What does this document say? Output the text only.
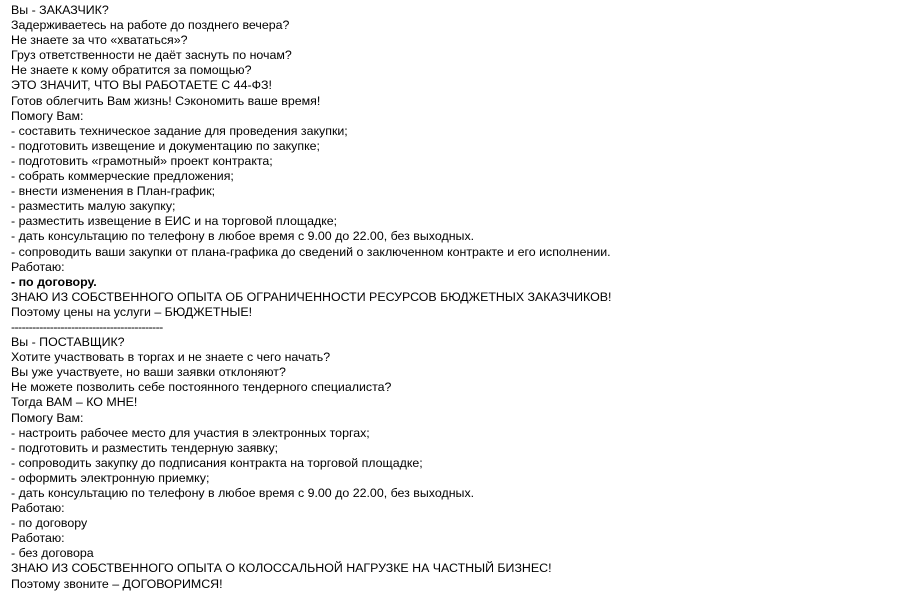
Вы - ЗАКАЗЧИК?
Задерживаетесь на работе до позднего вечера?
Не знаете за что «хвататься»?
Груз ответственности не даёт заснуть по ночам?
Не знаете к кому обратится за помощью?
ЭТО ЗНАЧИТ, ЧТО ВЫ РАБОТАЕТЕ С 44-ФЗ!
Готов облегчить Вам жизнь! Сэкономить ваше время!
Помогу Вам:
- составить техническое задание для проведения закупки;
- подготовить извещение и документацию по закупке;
- подготовить «грамотный» проект контракта;
- собрать коммерческие предложения;
- внести изменения в План-график;
- разместить малую закупку;
- разместить извещение в ЕИС и на торговой площадке;
- дать консультацию по телефону в любое время с 9.00 до 22.00, без выходных.
- сопроводить ваши закупки от плана-графика до сведений о заключенном контракте и его исполнении.
Работаю:
- по договору.
ЗНАЮ ИЗ СОБСТВЕННОГО ОПЫТА ОБ ОГРАНИЧЕННОСТИ РЕСУРСОВ БЮДЖЕТНЫХ ЗАКАЗЧИКОВ!
Поэтому цены на услуги – БЮДЖЕТНЫЕ!
-------------------------------------------
Вы - ПОСТАВЩИК?
Хотите участвовать в торгах и не знаете с чего начать?
Вы уже участвуете, но ваши заявки отклоняют?
Не можете позволить себе постоянного тендерного специалиста?
Тогда ВАМ – КО МНЕ!
Помогу Вам:
- настроить рабочее место для участия в электронных торгах;
- подготовить и разместить тендерную заявку;
- сопроводить закупку до подписания контракта на торговой площадке;
- оформить электронную приемку;
- дать консультацию по телефону в любое время с 9.00 до 22.00, без выходных.
Работаю:
- по договору
Работаю:
- без договора
ЗНАЮ ИЗ СОБСТВЕННОГО ОПЫТА О КОЛОССАЛЬНОЙ НАГРУЗКЕ НА ЧАСТНЫЙ БИЗНЕС!
Поэтому звоните – ДОГОВОРИМСЯ!
